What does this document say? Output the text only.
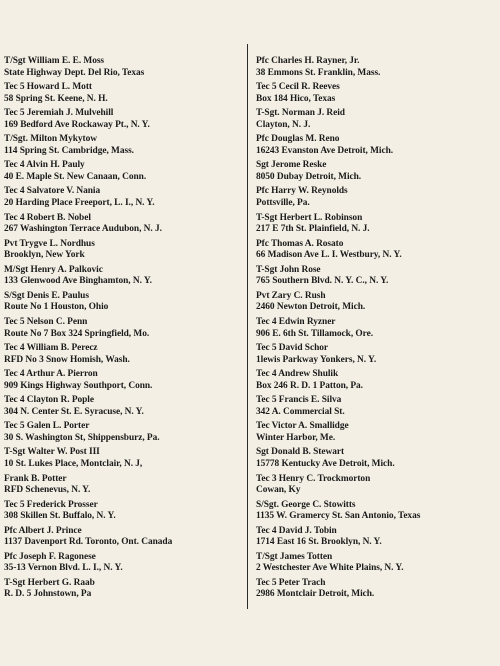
T/Sgt William E. E. Moss
State Highway Dept. Del Rio, Texas
Tec 5 Howard L. Mott
58 Spring St. Keene, N. H.
Tec 5 Jeremiah J. Mulvehill
169 Bedford Ave Rockaway Pt., N. Y.
T/Sgt. Milton Mykytow
114 Spring St. Cambridge, Mass.
Tec 4 Alvin H. Pauly
40 E. Maple St. New Canaan, Conn.
Tec 4 Salvatore V. Nania
20 Harding Place Freeport, L. I., N. Y.
Tec 4 Robert B. Nobel
267 Washington Terrace Audubon, N. J.
Pvt Trygve L. Nordhus
Brooklyn, New York
M/Sgt Henry A. Palkovic
133 Glenwood Ave Binghamton, N. Y.
S/Sgt Denis E. Paulus
Route No 1 Houston, Ohio
Tec 5 Nelson C. Penn
Route No 7 Box 324 Springfield, Mo.
Tec 4 William B. Perecz
RFD No 3 Snow Homish, Wash.
Tec 4 Arthur A. Pierron
909 Kings Highway Southport, Conn.
Tec 4 Clayton R. Pople
304 N. Center St. E. Syracuse, N. Y.
Tec 5 Galen L. Porter
30 S. Washington St, Shippensburz, Pa.
T-Sgt Walter W. Post III
10 St. Lukes Place, Montclair, N. J,
Frank B. Potter
RFD Schenevus, N. Y.
Tec 5 Frederick Prosser
308 Skillen St. Buffalo, N. Y.
Pfc Albert J. Prince
1137 Davenport Rd. Toronto, Ont. Canada
Pfc Joseph F. Ragonese
35-13 Vernon Blvd. L. I., N. Y.
T-Sgt Herbert G. Raab
R. D. 5 Johnstown, Pa
Pfc Charles H. Rayner, Jr.
38 Emmons St. Franklin, Mass.
Tec 5 Cecil R. Reeves
Box 184 Hico, Texas
T-Sgt. Norman J. Reid
Clayton, N. J.
Pfc Douglas M. Reno
16243 Evanston Ave Detroit, Mich.
Sgt Jerome Reske
8050 Dubay Detroit, Mich.
Pfc Harry W. Reynolds
Pottsville, Pa.
T-Sgt Herbert L. Robinson
217 E 7th St. Plainfield, N. J.
Pfc Thomas A. Rosato
66 Madison Ave L. I. Westbury, N. Y.
T-Sgt John Rose
765 Southern Blvd. N. Y. C., N. Y.
Pvt Zary C. Rush
2460 Newton Detroit, Mich.
Tec 4 Edwin Ryzner
906 E. 6th St. Tillamock, Ore.
Tec 5 David Schor
1lewis Parkway Yonkers, N. Y.
Tec 4 Andrew Shulik
Box 246 R. D. 1 Patton, Pa.
Tec 5 Francis E. Silva
342 A. Commercial St.
Tec Victor A. Smallidge
Winter Harbor, Me.
Sgt Donald B. Stewart
15778 Kentucky Ave Detroit, Mich.
Tec 3 Henry C. Trockmorton
Cowan, Ky
S/Sgt. George C. Stowitts
1135 W. Gramercy St. San Antonio, Texas
Tec 4 David J. Tobin
1714 East 16 St. Brooklyn, N. Y.
T/Sgt James Totten
2 Westchester Ave White Plains, N. Y.
Tec 5 Peter Trach
2986 Montclair Detroit, Mich.
